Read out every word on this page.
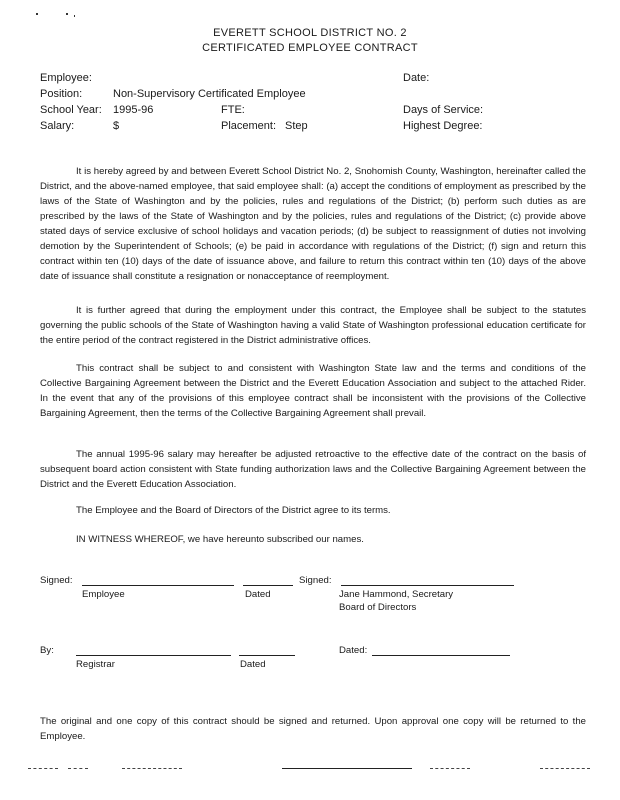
EVERETT SCHOOL DISTRICT NO. 2
CERTIFICATED EMPLOYEE CONTRACT
Employee:	Date:
Position:	Non-Supervisory Certificated Employee
School Year: 1995-96	FTE:	Days of Service:
Salary:	$	Placement: Step	Highest Degree:
It is hereby agreed by and between Everett School District No. 2, Snohomish County, Washington, hereinafter called the District, and the above-named employee, that said employee shall: (a) accept the conditions of employment as prescribed by the laws of the State of Washington and by the policies, rules and regulations of the District; (b) perform such duties as are prescribed by the laws of the State of Washington and by the policies, rules and regulations of the District; (c) provide above stated days of service exclusive of school holidays and vacation periods; (d) be subject to reassignment of duties not involving demotion by the Superintendent of Schools; (e) be paid in accordance with regulations of the District; (f) sign and return this contract within ten (10) days of the date of issuance above, and failure to return this contract within ten (10) days of the above date of issuance shall constitute a resignation or nonacceptance of reemployment.
It is further agreed that during the employment under this contract, the Employee shall be subject to the statutes governing the public schools of the State of Washington having a valid State of Washington professional education certificate for the entire period of the contract registered in the District administrative offices.
This contract shall be subject to and consistent with Washington State law and the terms and conditions of the Collective Bargaining Agreement between the District and the Everett Education Association and subject to the attached Rider. In the event that any of the provisions of this employee contract shall be inconsistent with the provisions of the Collective Bargaining Agreement, then the terms of the Collective Bargaining Agreement shall prevail.
The annual 1995-96 salary may hereafter be adjusted retroactive to the effective date of the contract on the basis of subsequent board action consistent with State funding authorization laws and the Collective Bargaining Agreement between the District and the Everett Education Association.
The Employee and the Board of Directors of the District agree to its terms.
IN WITNESS WHEREOF, we have hereunto subscribed our names.
Signed:	Signed:
Employee	Dated	Jane Hammond, Secretary
Board of Directors
By:	Dated:
Registrar	Dated
The original and one copy of this contract should be signed and returned. Upon approval one copy will be returned to the Employee.
